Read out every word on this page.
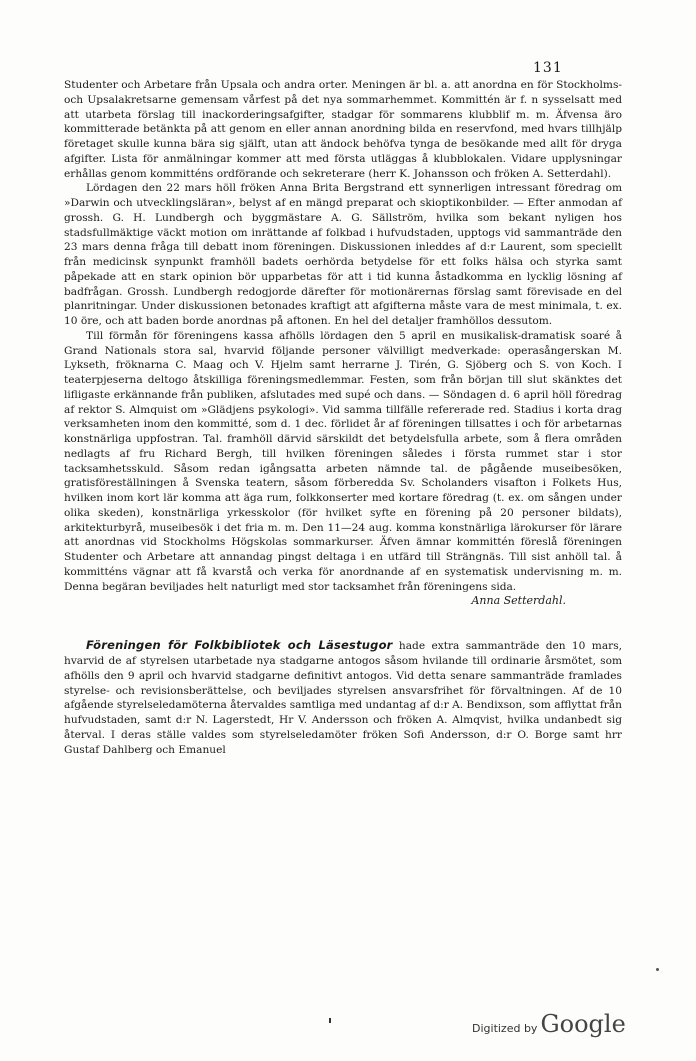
131

Studenter och Arbetare från Upsala och andra orter. Meningen är bl. a. att anordna en för Stockholms- och Upsalakretsarne gemensam vårfest på det nya sommarhemmet. Kommittén är f. n sysselsatt med att utarbeta förslag till inackorderingsafgifter, stadgar för sommarens klubblif m. m. Äfvensa äro kommitterade betänkta på att genom en eller annan anordning bilda en reservfond, med hvars tillhjälp företaget skulle kunna bära sig själft, utan att ändock behöfva tynga de besökande med allt för dryga afgifter. Lista för anmälningar kommer att med första utläggas å klubblokalen. Vidare upplysningar erhållas genom kommitténs ordförande och sekreterare (herr K. Johansson och fröken A. Setterdahl).

Lördagen den 22 mars höll fröken Anna Brita Bergstrand ett synnerligen intressant föredrag om »Darwin och utvecklingsläran», belyst af en mängd preparat och skioptikonbilder. — Efter anmodan af grossh. G. H. Lundbergh och byggmästare A. G. Sällström, hvilka som bekant nyligen hos stadsfullmäktige väckt motion om inrättande af folkbad i hufvudstaden, upptogs vid sammanträde den 23 mars denna fråga till debatt inom föreningen. Diskussionen inleddes af d:r Laurent, som speciellt från medicinsk synpunkt framhöll badets oerhörda betydelse för ett folks hälsa och styrka samt påpekade att en stark opinion bör upparbetas för att i tid kunna åstadkomma en lycklig lösning af badfrågan. Grossh. Lundbergh redogjorde därefter för motionärernas förslag samt förevisade en del planritningar. Under diskussionen betonades kraftigt att afgifterna måste vara de mest minimala, t. ex. 10 öre, och att baden borde anordnas på aftonen. En hel del detaljer framhöllos dessutom.

Till förmån för föreningens kassa afhölls lördagen den 5 april en musikalisk-dramatisk soaré å Grand Nationals stora sal, hvarvid följande personer välvilligt medverkade: operasångerskan M. Lykseth, fröknarna C. Maag och V. Hjelm samt herrarne J. Tirén, G. Sjöberg och S. von Koch. I teaterpjeserna deltogo åtskilliga föreningsmedlemmar. Festen, som från början till slut skänktes det lifligaste erkännande från publiken, afslutades med supé och dans. — Söndagen d. 6 april höll föredrag af rektor S. Almquist om »Glädjens psykologi». Vid samma tillfälle refererade red. Stadius i korta drag verksamheten inom den kommitté, som d. 1 dec. förlidet år af föreningen tillsattes i och för arbetarnas konstnärliga uppfostran. Tal. framhöll därvid särskildt det betydelsfulla arbete, som å flera områden nedlagts af fru Richard Bergh, till hvilken föreningen således i första rummet star i stor tacksamhetsskuld. Såsom redan igångsatta arbeten nämnde tal. de pågående museibesöken, gratisföreställningen å Svenska teatern, såsom förberedda Sv. Scholanders visafton i Folkets Hus, hvilken inom kort lär komma att äga rum, folkkonserter med kortare föredrag (t. ex. om sången under olika skeden), konstnärliga yrkesskolor (för hvilket syfte en förening på 20 personer bildats), arkitekturbyrå, museibesök i det fria m. m. Den 11—24 aug. komma konstnärliga lärokurser för lärare att anordnas vid Stockholms Högskolas sommarkurser. Äfven ämnar kommittén föreslå föreningen Studenter och Arbetare att annandag pingst deltaga i en utfärd till Strängnäs. Till sist anhöll tal. å kommitténs vägnar att få kvarstå och verka för anordnande af en systematisk undervisning m. m. Denna begäran beviljades helt naturligt med stor tacksamhet från föreningens sida.

Anna Setterdahl.

Föreningen för Folkbibliotek och Läsestugor hade extra sammanträde den 10 mars, hvarvid de af styrelsen utarbetade nya stadgarne antogos såsom hvilande till ordinarie årsmötet, som afhölls den 9 april och hvarvid stadgarne definitivt antogos. Vid detta senare sammanträde framlades styrelse- och revisionsberättelse, och beviljades styrelsen ansvarsfrihet för förvaltningen. Af de 10 afgående styrelseledamöterna återvaldes samtliga med undantag af d:r A. Bendixson, som afflyttat från hufvudstaden, samt d:r N. Lagerstedt, Hr V. Andersson och fröken A. Almqvist, hvilka undanbedt sig återval. I deras ställe valdes som styrelseledamöter fröken Sofi Andersson, d:r O. Borge samt hrr Gustaf Dahlberg och Emanuel

Digitized by Google
